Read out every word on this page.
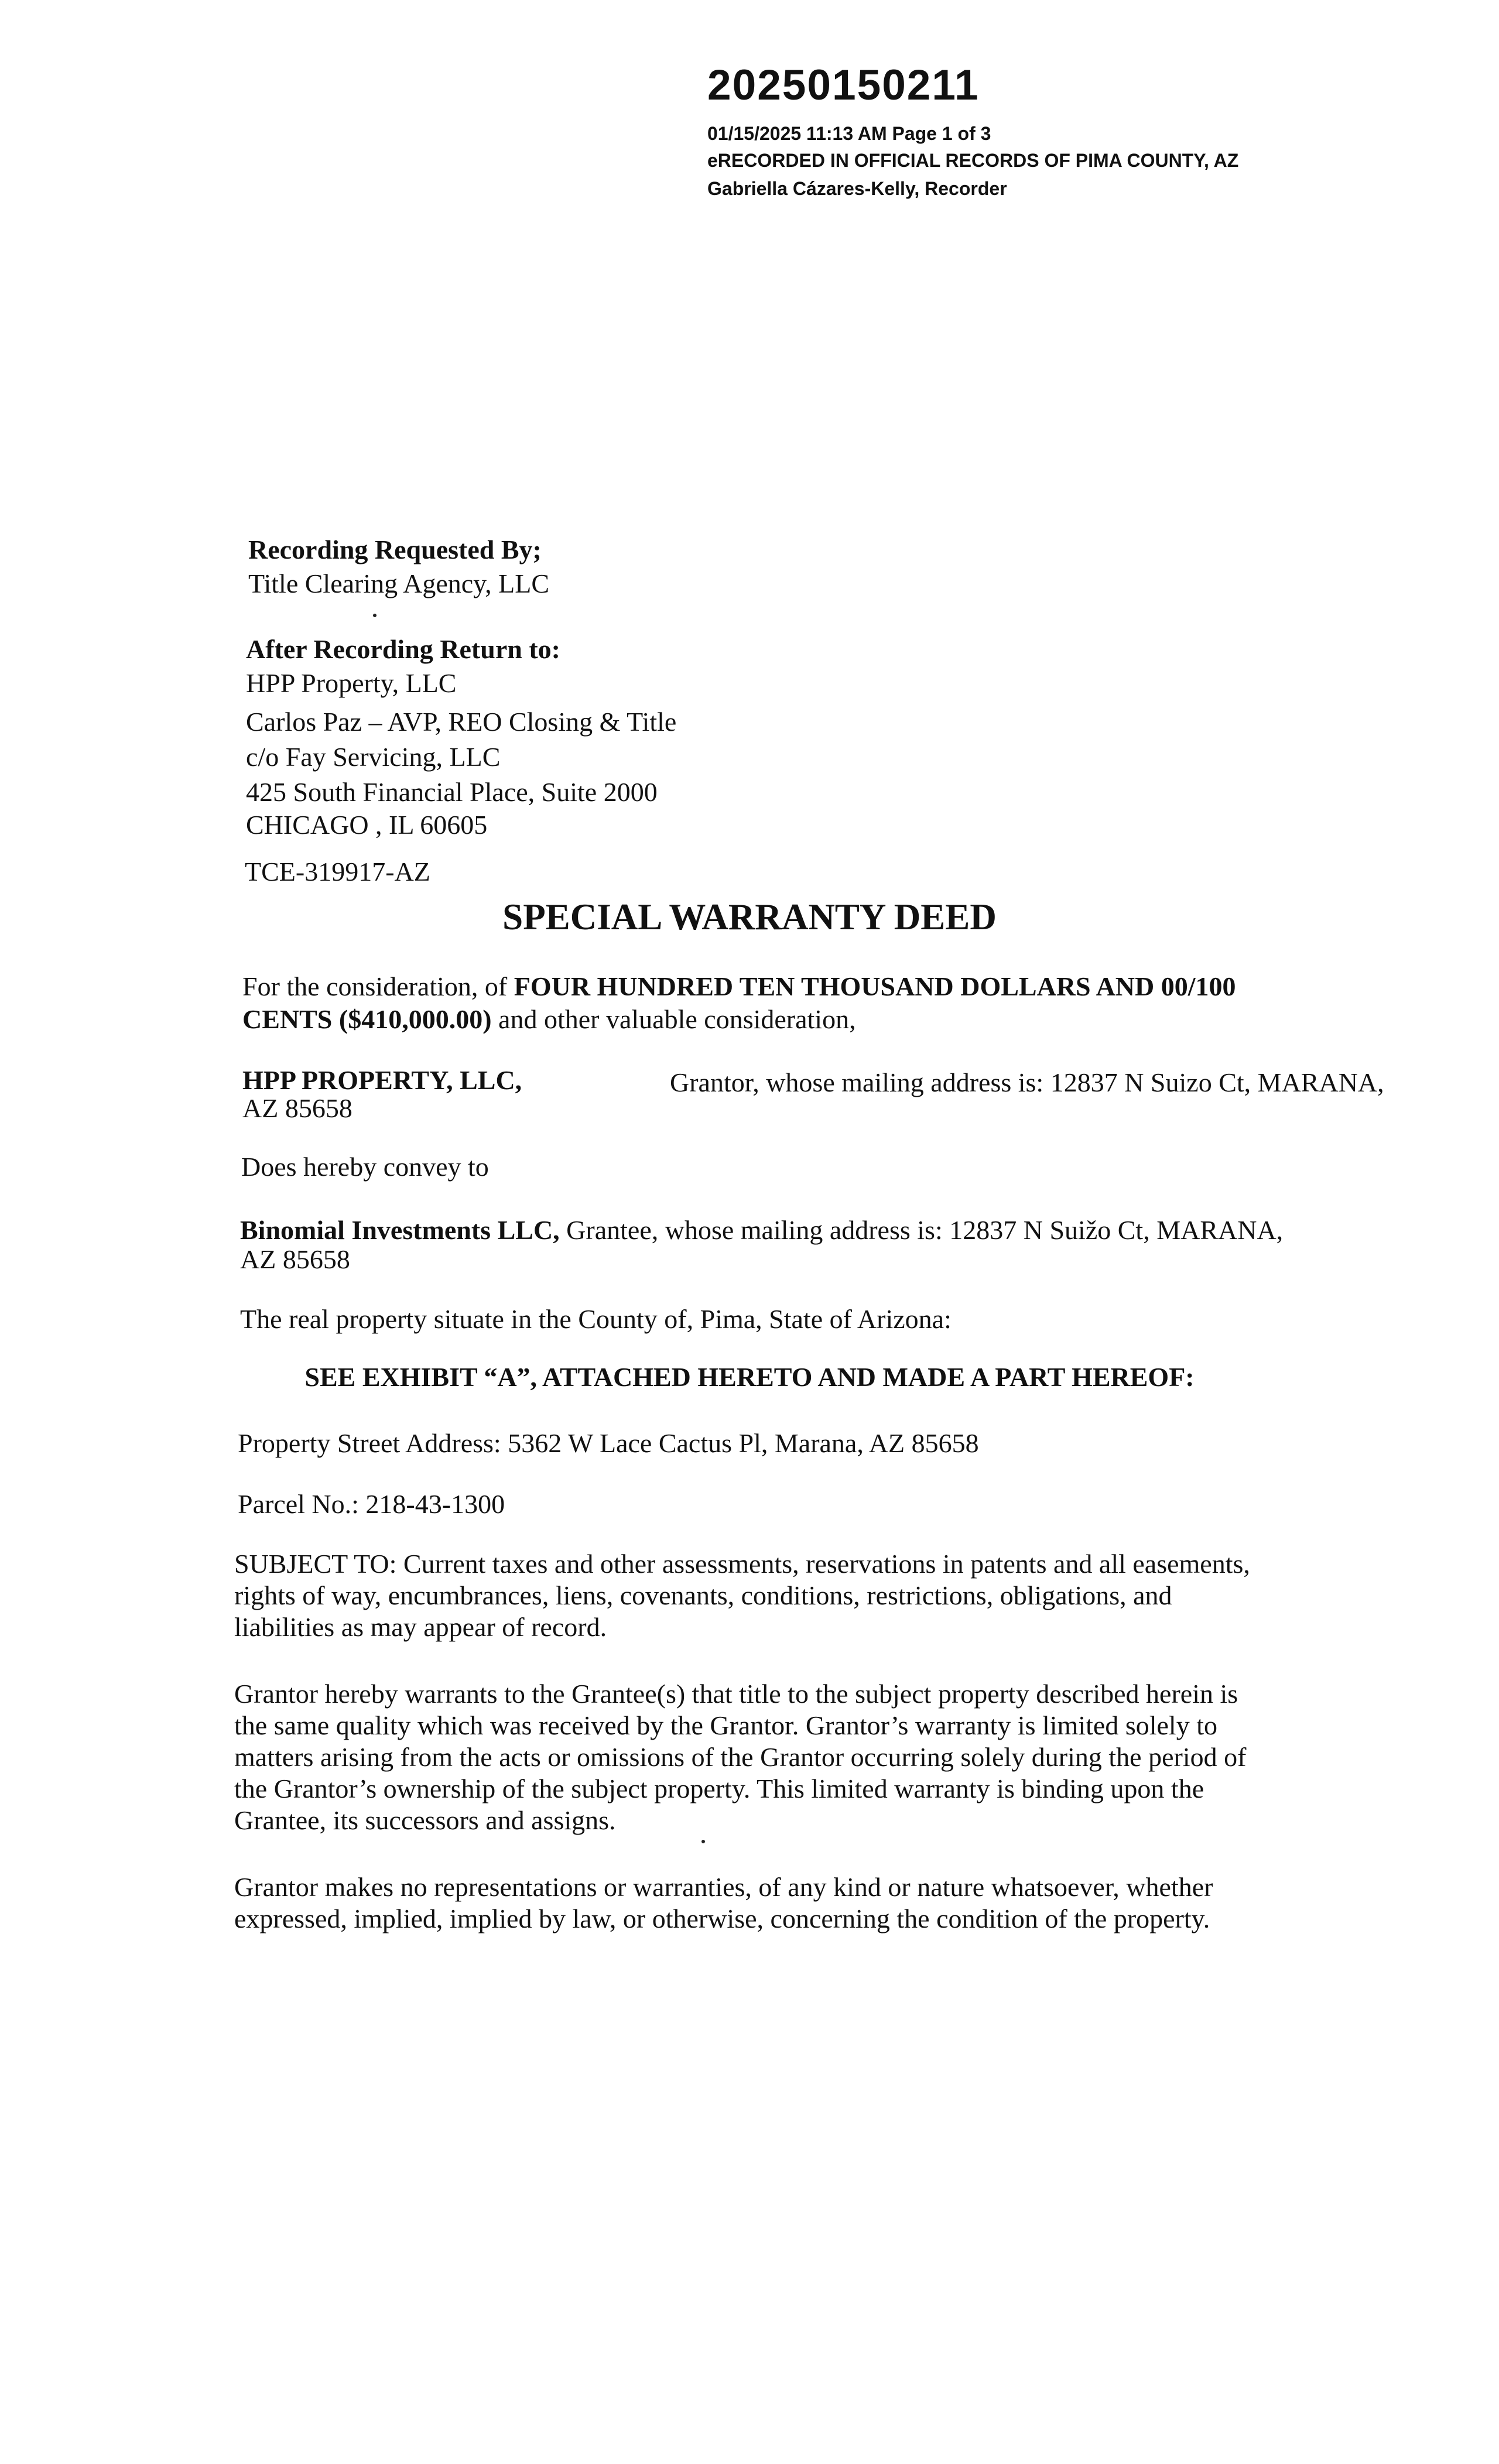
20250150211
01/15/2025 11:13 AM Page 1 of 3
eRECORDED IN OFFICIAL RECORDS OF PIMA COUNTY, AZ
Gabriella Cázares-Kelly, Recorder
Recording Requested By;
Title Clearing Agency, LLC
After Recording Return to:
HPP Property, LLC
Carlos Paz – AVP, REO Closing & Title
c/o Fay Servicing, LLC
425 South Financial Place, Suite 2000
CHICAGO , IL 60605
TCE-319917-AZ
SPECIAL WARRANTY DEED
For the consideration, of FOUR HUNDRED TEN THOUSAND DOLLARS AND 00/100
CENTS ($410,000.00) and other valuable consideration,
HPP PROPERTY, LLC,	Grantor, whose mailing address is: 12837 N Suizo Ct, MARANA,
AZ 85658
Does hereby convey to
Binomial Investments LLC, Grantee, whose mailing address is: 12837 N Suižo Ct, MARANA,
AZ 85658
The real property situate in the County of, Pima, State of Arizona:
SEE EXHIBIT “A”, ATTACHED HERETO AND MADE A PART HEREOF:
Property Street Address: 5362 W Lace Cactus Pl, Marana, AZ 85658
Parcel No.: 218-43-1300
SUBJECT TO: Current taxes and other assessments, reservations in patents and all easements,
rights of way, encumbrances, liens, covenants, conditions, restrictions, obligations, and
liabilities as may appear of record.
Grantor hereby warrants to the Grantee(s) that title to the subject property described herein is
the same quality which was received by the Grantor. Grantor’s warranty is limited solely to
matters arising from the acts or omissions of the Grantor occurring solely during the period of
the Grantor’s ownership of the subject property. This limited warranty is binding upon the
Grantee, its successors and assigns.
Grantor makes no representations or warranties, of any kind or nature whatsoever, whether
expressed, implied, implied by law, or otherwise, concerning the condition of the property.
